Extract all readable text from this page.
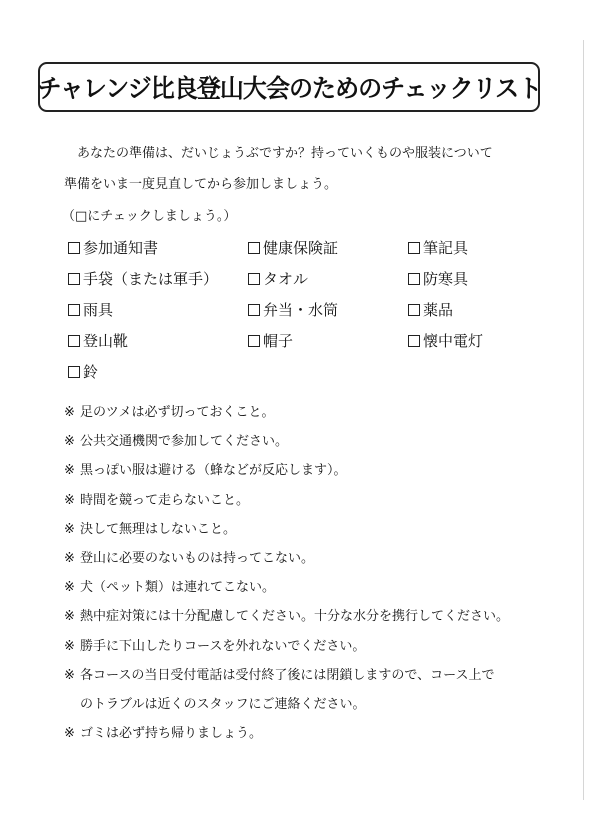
チャレンジ比良登山大会のためのチェックリスト

あなたの準備は、だいじょうぶですか？持っていくものや服装について

準備をいま一度見直してから参加しましょう。

（□にチェックしましょう。）
参加通知書	健康保険証	筆記具
手袋（または軍手）	タオル	防寒具
雨具	弁当・水筒	薬品
登山靴	帽子	懐中電灯
鈴
※ 足のツメは必ず切っておくこと。
※ 公共交通機関で参加してください。
※ 黒っぽい服は避ける（蜂などが反応します）。
※ 時間を競って走らないこと。
※ 決して無理はしないこと。
※ 登山に必要のないものは持ってこない。
※ 犬（ペット類）は連れてこない。
※ 熱中症対策には十分配慮してください。十分な水分を携行してください。
※ 勝手に下山したりコースを外れないでください。
※ 各コースの当日受付電話は受付終了後には閉鎖しますので、コース上で
のトラブルは近くのスタッフにご連絡ください。
※ ゴミは必ず持ち帰りましょう。
